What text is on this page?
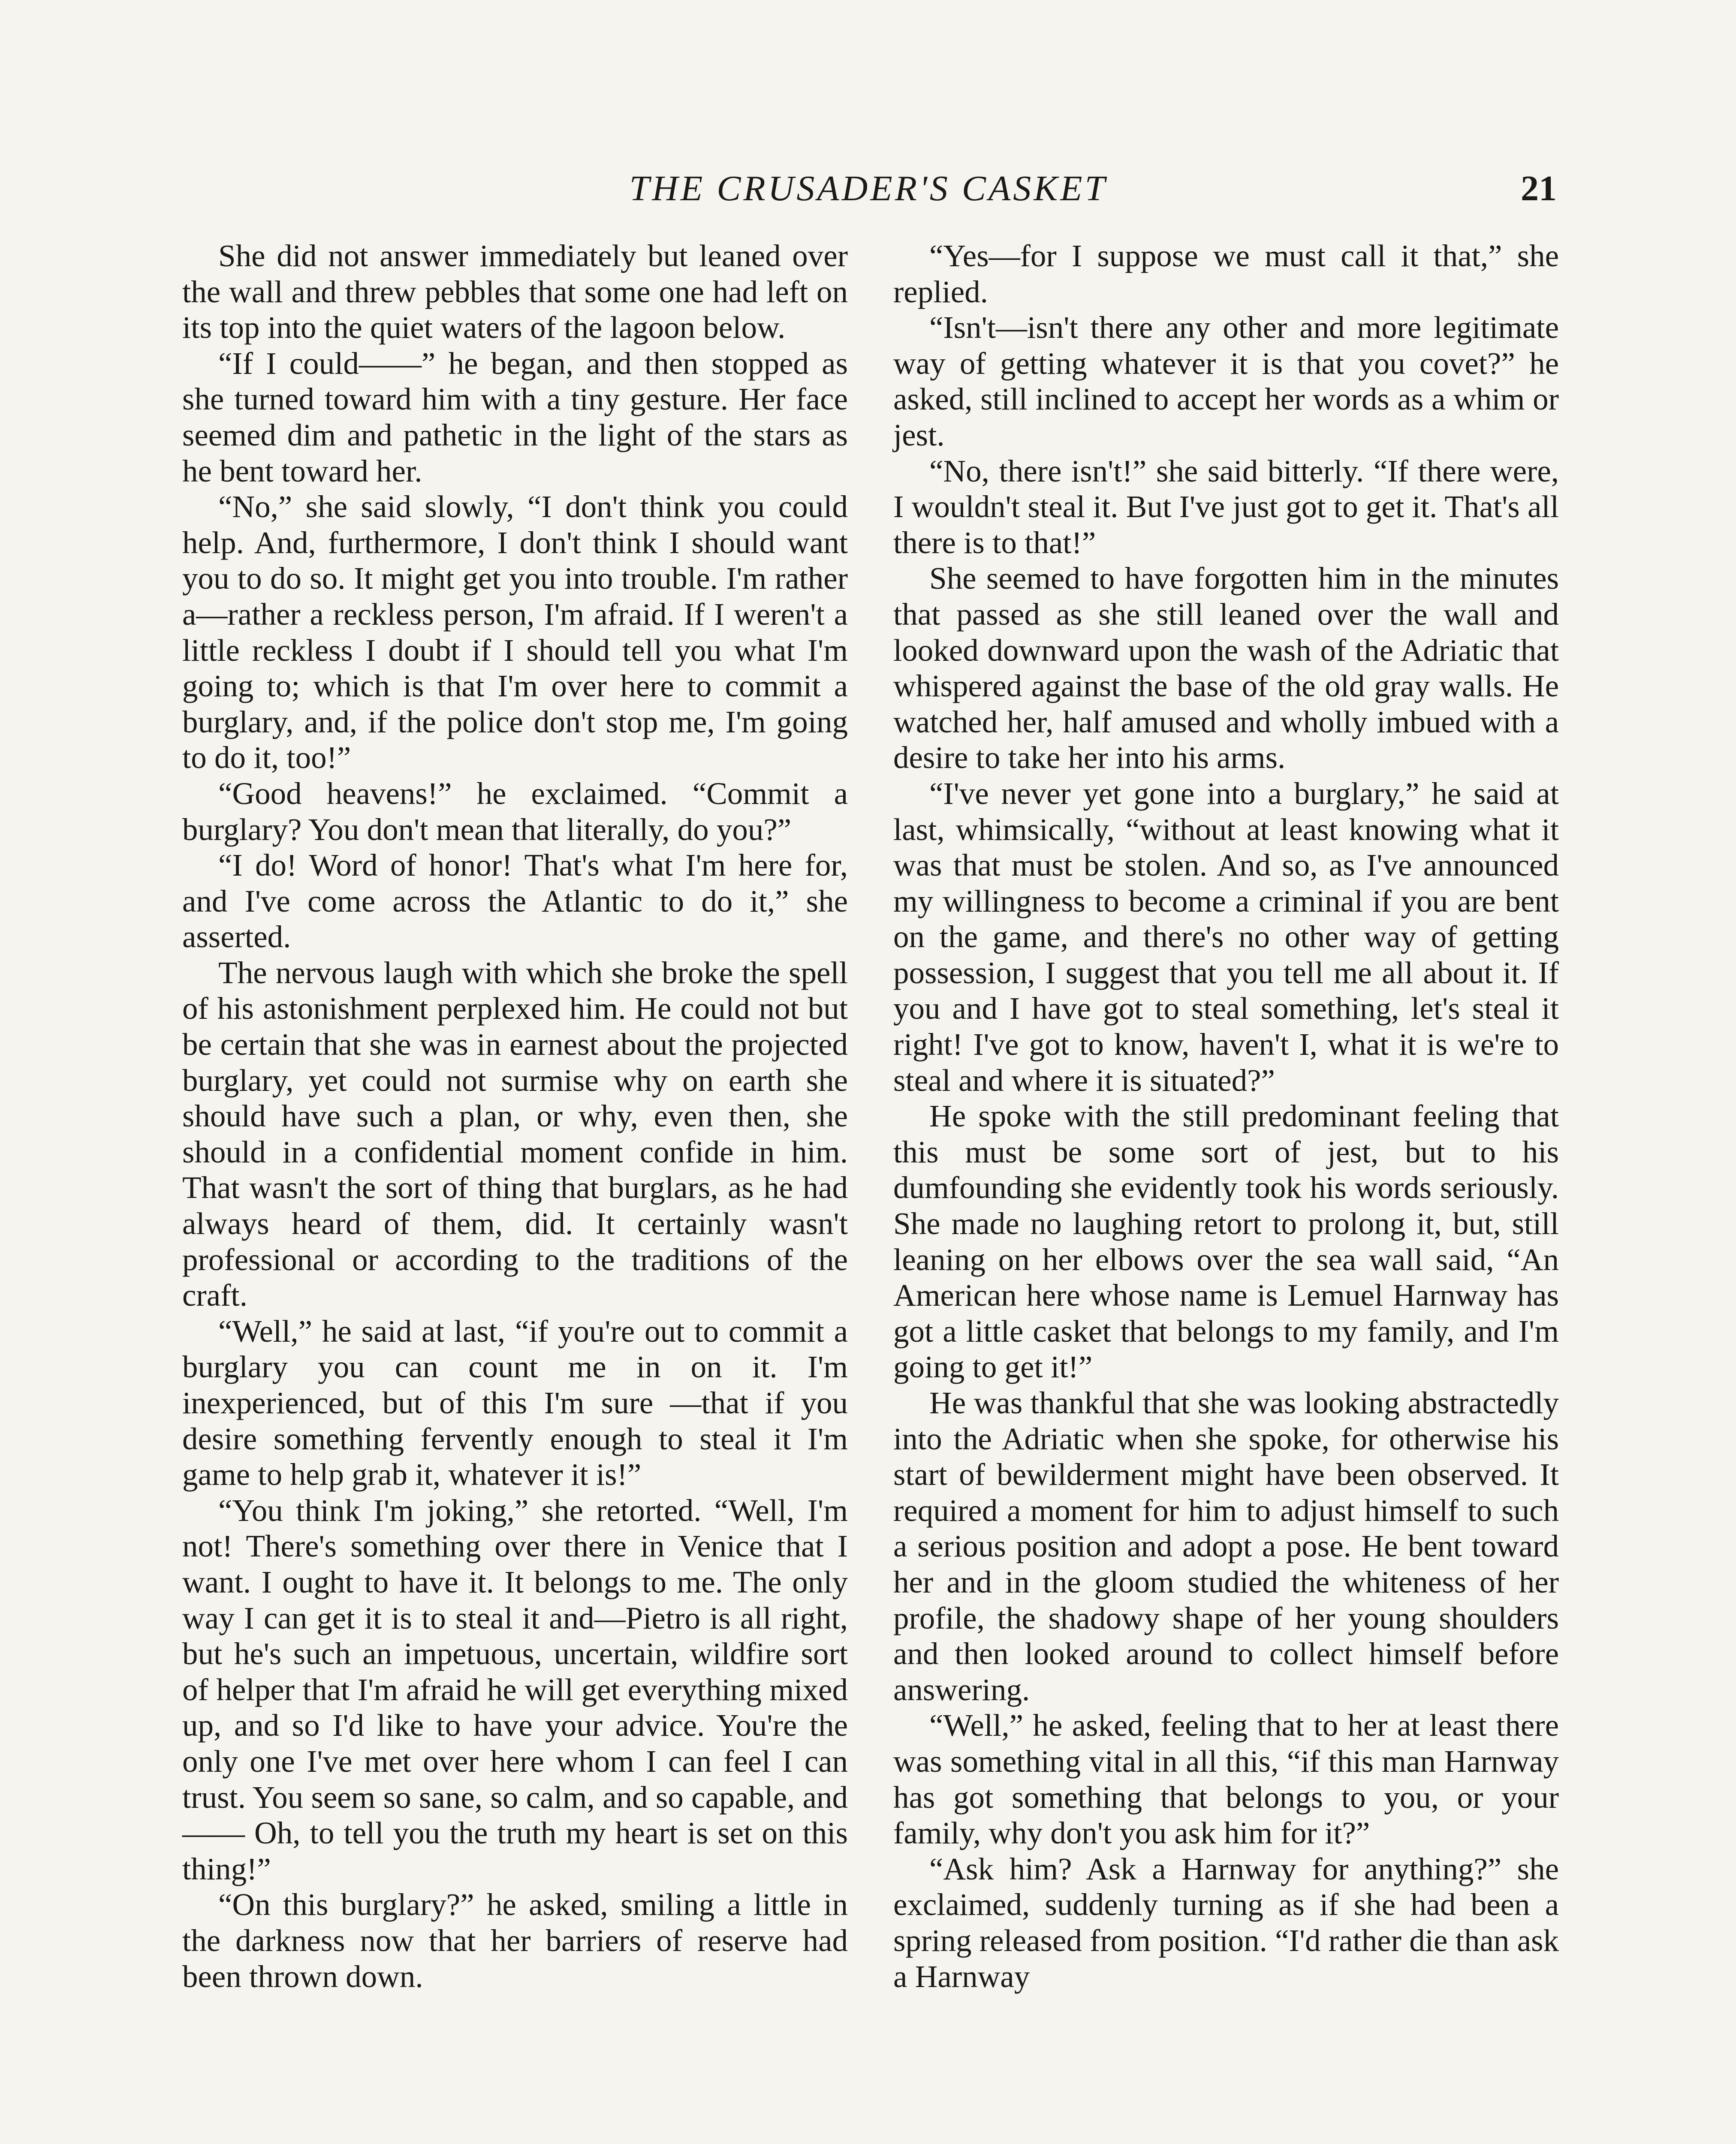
THE CRUSADER'S CASKET	21

She did not answer immediately but leaned over the wall and threw pebbles that some one had left on its top into the quiet waters of the lagoon below.

“If I could——” he began, and then stopped as she turned toward him with a tiny gesture. Her face seemed dim and pathetic in the light of the stars as he bent toward her.

“No,” she said slowly, “I don't think you could help. And, furthermore, I don't think I should want you to do so. It might get you into trouble. I'm rather a—rather a reckless person, I'm afraid. If I weren't a little reckless I doubt if I should tell you what I'm going to; which is that I'm over here to commit a burglary, and, if the police don't stop me, I'm going to do it, too!”

“Good heavens!” he exclaimed. “Commit a burglary? You don't mean that literally, do you?”

“I do! Word of honor! That's what I'm here for, and I've come across the Atlantic to do it,” she asserted.

The nervous laugh with which she broke the spell of his astonishment perplexed him. He could not but be certain that she was in earnest about the projected burglary, yet could not surmise why on earth she should have such a plan, or why, even then, she should in a confidential moment confide in him. That wasn't the sort of thing that burglars, as he had always heard of them, did. It certainly wasn't professional or according to the traditions of the craft.

“Well,” he said at last, “if you're out to commit a burglary you can count me in on it. I'm inexperienced, but of this I'm sure —that if you desire something fervently enough to steal it I'm game to help grab it, whatever it is!”

“You think I'm joking,” she retorted. “Well, I'm not! There's something over there in Venice that I want. I ought to have it. It belongs to me. The only way I can get it is to steal it and—Pietro is all right, but he's such an impetuous, uncertain, wildfire sort of helper that I'm afraid he will get everything mixed up, and so I'd like to have your advice. You're the only one I've met over here whom I can feel I can trust. You seem so sane, so calm, and so capable, and—— Oh, to tell you the truth my heart is set on this thing!”

“On this burglary?” he asked, smiling a little in the darkness now that her barriers of reserve had been thrown down.

“Yes—for I suppose we must call it that,” she replied.

“Isn't—isn't there any other and more legitimate way of getting whatever it is that you covet?” he asked, still inclined to accept her words as a whim or jest.

“No, there isn't!” she said bitterly. “If there were, I wouldn't steal it. But I've just got to get it. That's all there is to that!”

She seemed to have forgotten him in the minutes that passed as she still leaned over the wall and looked downward upon the wash of the Adriatic that whispered against the base of the old gray walls. He watched her, half amused and wholly imbued with a desire to take her into his arms.

“I've never yet gone into a burglary,” he said at last, whimsically, “without at least knowing what it was that must be stolen. And so, as I've announced my willingness to become a criminal if you are bent on the game, and there's no other way of getting possession, I suggest that you tell me all about it. If you and I have got to steal something, let's steal it right! I've got to know, haven't I, what it is we're to steal and where it is situated?”

He spoke with the still predominant feeling that this must be some sort of jest, but to his dumfounding she evidently took his words seriously. She made no laughing retort to prolong it, but, still leaning on her elbows over the sea wall said, “An American here whose name is Lemuel Harnway has got a little casket that belongs to my family, and I'm going to get it!”

He was thankful that she was looking abstractedly into the Adriatic when she spoke, for otherwise his start of bewilderment might have been observed. It required a moment for him to adjust himself to such a serious position and adopt a pose. He bent toward her and in the gloom studied the whiteness of her profile, the shadowy shape of her young shoulders and then looked around to collect himself before answering.

“Well,” he asked, feeling that to her at least there was something vital in all this, “if this man Harnway has got something that belongs to you, or your family, why don't you ask him for it?”

“Ask him? Ask a Harnway for anything?” she exclaimed, suddenly turning as if she had been a spring released from position. “I'd rather die than ask a Harnway
